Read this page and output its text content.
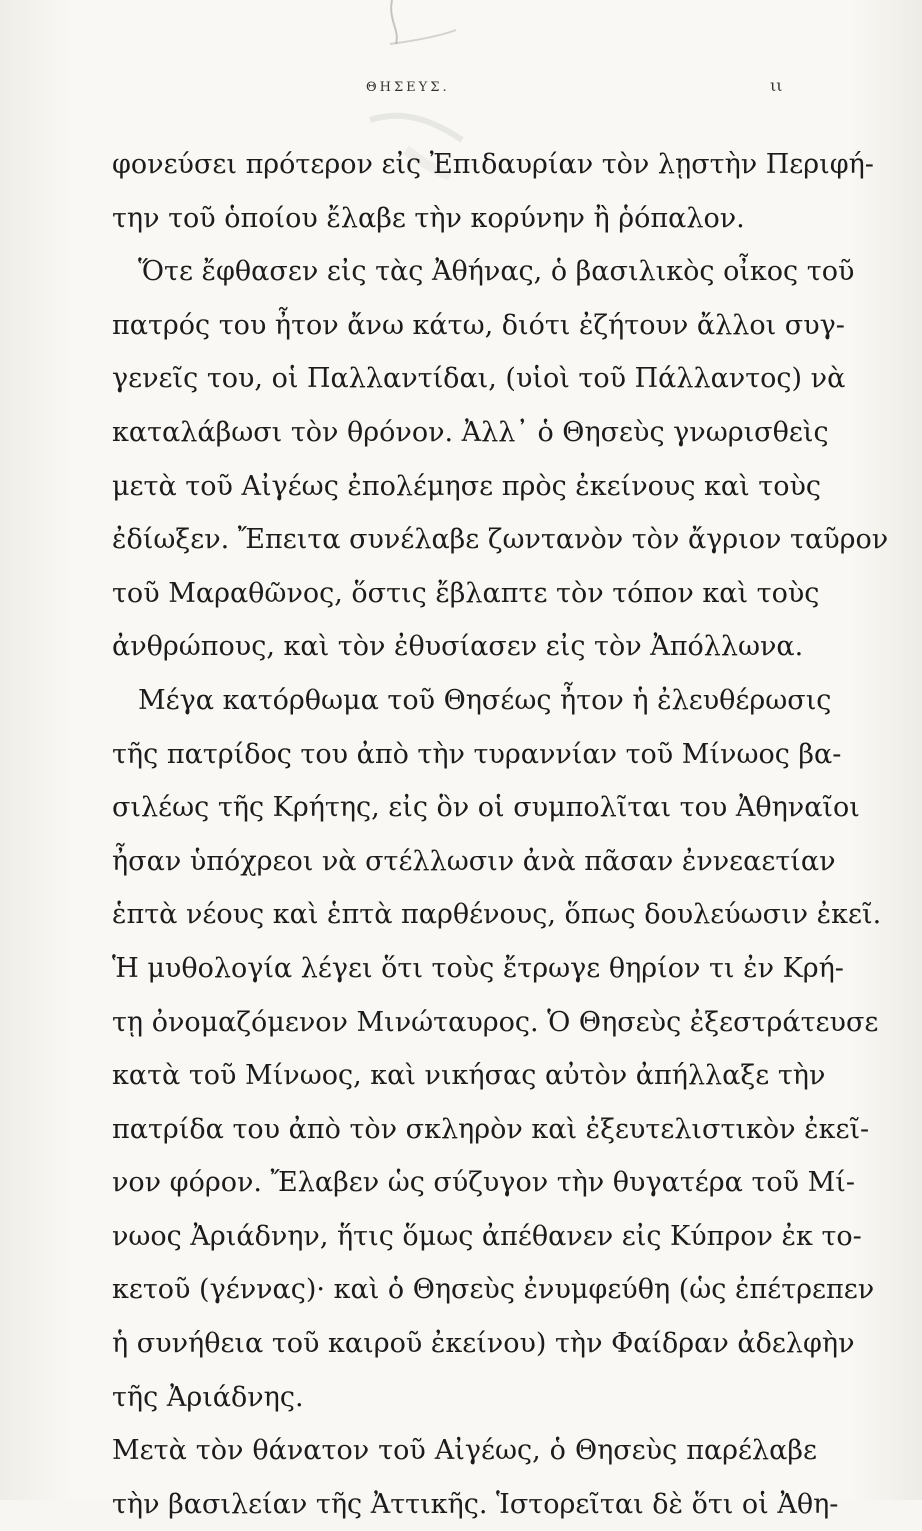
ΘΗΣΕΥΣ.	ιι
φονεύσει πρότερον εἰς Ἐπιδαυρίαν τὸν λῃστὴν Περιφή-
την τοῦ ὁποίου ἔλαβε τὴν κορύνην ἢ ῥόπαλον.
Ὅτε ἔφθασεν εἰς τὰς Ἀθήνας, ὁ βασιλικὸς οἶκος τοῦ
πατρός του ἦτον ἄνω κάτω, διότι ἐζήτουν ἄλλοι συγ-
γενεῖς του, οἱ Παλλαντίδαι, (υἱοὶ τοῦ Πάλλαντος) νὰ
καταλάβωσι τὸν θρόνον. Ἀλλ᾽ ὁ Θησεὺς γνωρισθεὶς
μετὰ τοῦ Αἰγέως ἐπολέμησε πρὸς ἐκείνους καὶ τοὺς
ἐδίωξεν. Ἔπειτα συνέλαβε ζωντανὸν τὸν ἄγριον ταῦρον
τοῦ Μαραθῶνος, ὅστις ἔβλαπτε τὸν τόπον καὶ τοὺς
ἀνθρώπους, καὶ τὸν ἐθυσίασεν εἰς τὸν Ἀπόλλωνα.
Μέγα κατόρθωμα τοῦ Θησέως ἦτον ἡ ἐλευθέρωσις
τῆς πατρίδος του ἀπὸ τὴν τυραννίαν τοῦ Μίνωος βα-
σιλέως τῆς Κρήτης, εἰς ὃν οἱ συμπολῖται του Ἀθηναῖοι
ἦσαν ὑπόχρεοι νὰ στέλλωσιν ἀνὰ πᾶσαν ἐννεαετίαν
ἑπτὰ νέους καὶ ἑπτὰ παρθένους, ὅπως δουλεύωσιν ἐκεῖ.
Ἡ μυθολογία λέγει ὅτι τοὺς ἔτρωγε θηρίον τι ἐν Κρή-
τῃ ὀνομαζόμενον Μινώταυρος. Ὁ Θησεὺς ἐξεστράτευσε
κατὰ τοῦ Μίνωος, καὶ νικήσας αὐτὸν ἀπήλλαξε τὴν
πατρίδα του ἀπὸ τὸν σκληρὸν καὶ ἐξευτελιστικὸν ἐκεῖ-
νον φόρον. Ἔλαβεν ὡς σύζυγον τὴν θυγατέρα τοῦ Μί-
νωος Ἀριάδνην, ἥτις ὅμως ἀπέθανεν εἰς Κύπρον ἐκ το-
κετοῦ (γέννας)· καὶ ὁ Θησεὺς ἐνυμφεύθη (ὡς ἐπέτρεπεν
ἡ συνήθεια τοῦ καιροῦ ἐκείνου) τὴν Φαίδραν ἀδελφὴν
τῆς Ἀριάδνης.
Μετὰ τὸν θάνατον τοῦ Αἰγέως, ὁ Θησεὺς παρέλαβε
τὴν βασιλείαν τῆς Ἀττικῆς. Ἱστορεῖται δὲ ὅτι οἱ Ἀθη-
